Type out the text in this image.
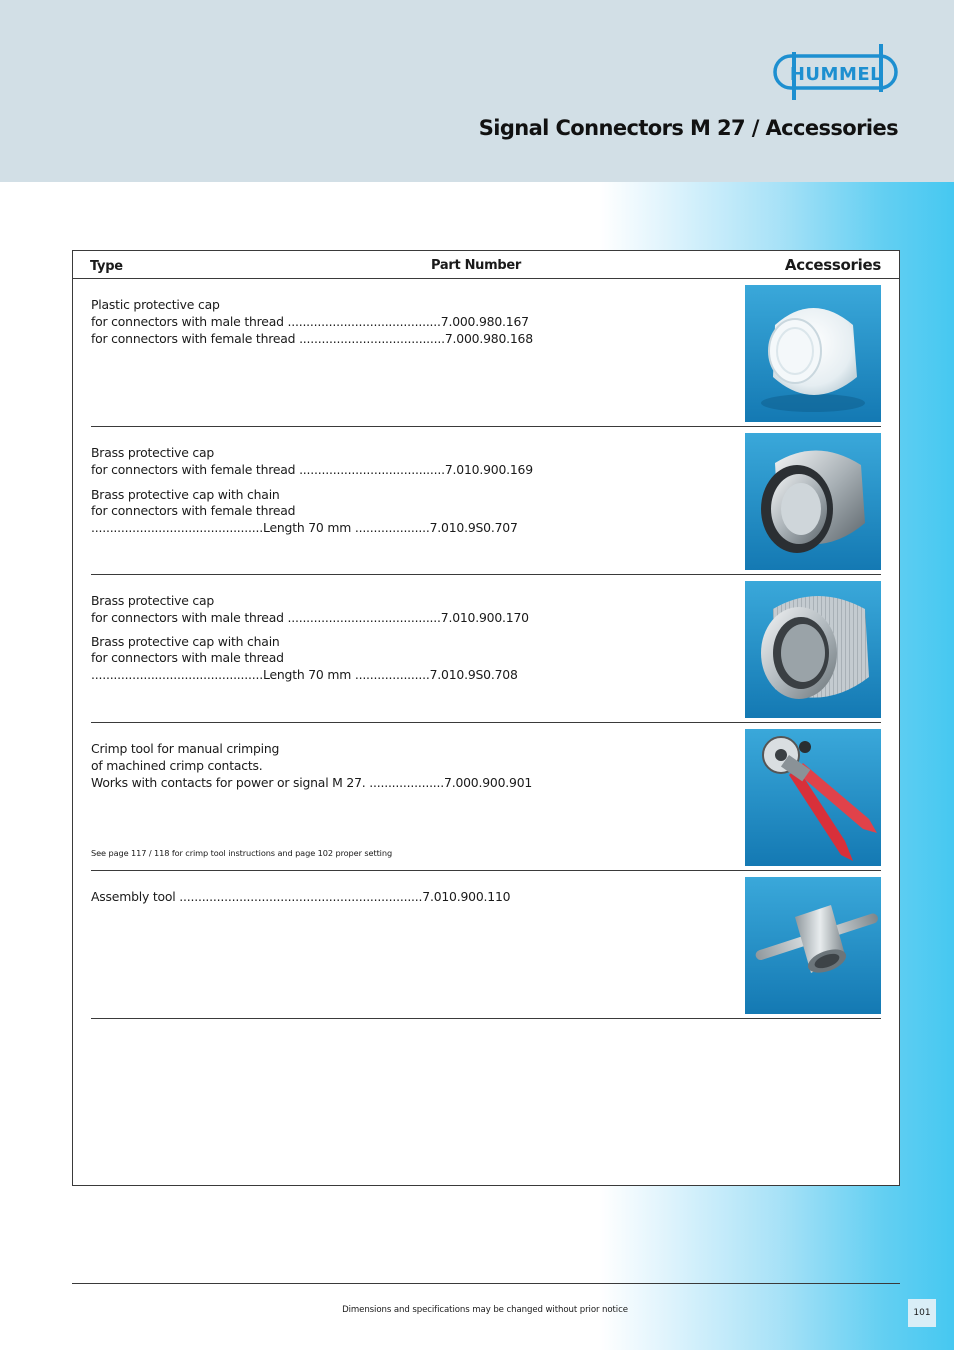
HUMMEL
Signal Connectors M 27 / Accessories
Type	Part Number	Accessories
Plastic protective cap
for connectors with male thread .........................................7.000.980.167
for connectors with female thread .......................................7.000.980.168
Brass protective cap
for connectors with female thread .......................................7.010.900.169
Brass protective cap with chain
for connectors with female thread
..............................................Length 70 mm ....................7.010.9S0.707
Brass protective cap
for connectors with male thread .........................................7.010.900.170
Brass protective cap with chain
for connectors with male thread
..............................................Length 70 mm ....................7.010.9S0.708
Crimp tool for manual crimping
of machined crimp contacts.
Works with contacts for power or signal M 27. ....................7.000.900.901
See page 117 / 118 for crimp tool instructions and page 102 proper setting
Assembly tool .................................................................7.010.900.110
Dimensions and specifications may be changed without prior notice	101
